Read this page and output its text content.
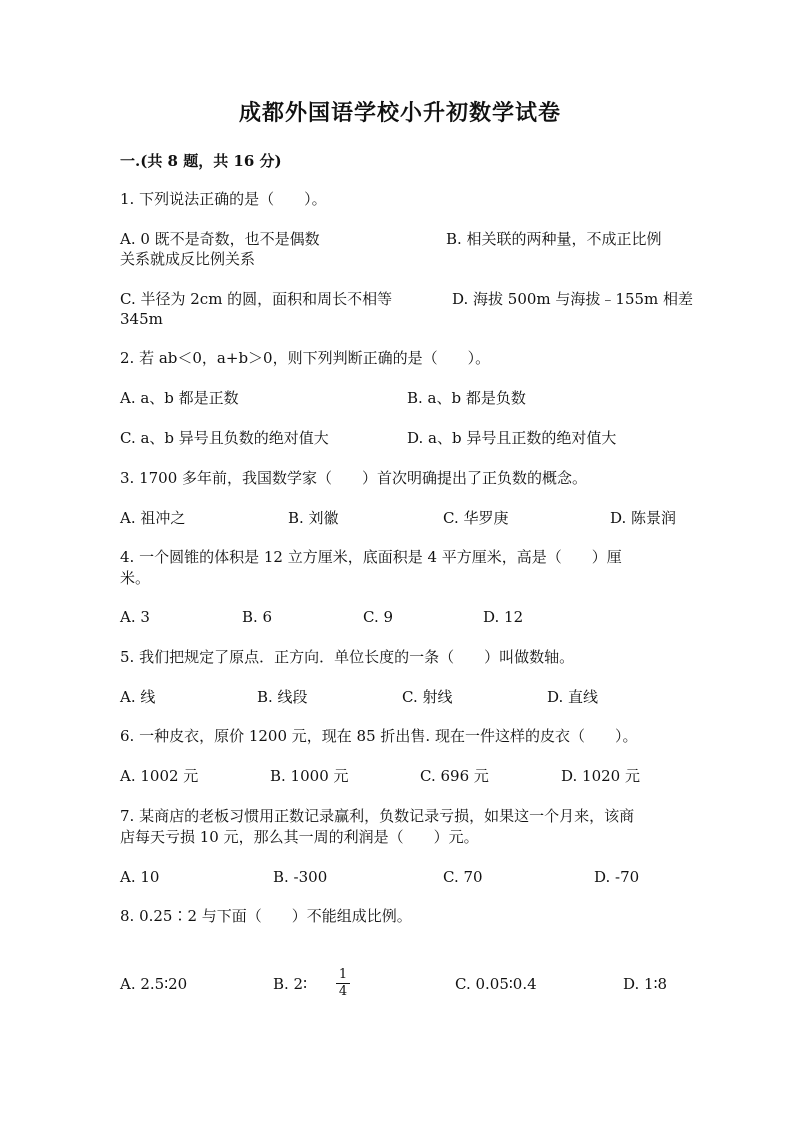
成都外国语学校小升初数学试卷
一.(共 8 题，共 16 分)
1. 下列说法正确的是（　　）。
A. 0 既不是奇数，也不是偶数	B. 相关联的两种量，不成正比例
关系就成反比例关系
C. 半径为 2cm 的圆，面积和周长不相等	D. 海拔 500m 与海拔﹣155m 相差
345m
2. 若 ab＜0，a+b＞0，则下列判断正确的是（　　）。
A. a、b 都是正数	B. a、b 都是负数
C. a、b 异号且负数的绝对值大	D. a、b 异号且正数的绝对值大
3. 1700 多年前，我国数学家（　　）首次明确提出了正负数的概念。
A. 祖冲之	B. 刘徽	C. 华罗庚	D. 陈景润
4. 一个圆锥的体积是 12 立方厘米，底面积是 4 平方厘米，高是（　　）厘
米。
A. 3	B. 6	C. 9	D. 12
5. 我们把规定了原点．正方向．单位长度的一条（　　）叫做数轴。
A. 线	B. 线段	C. 射线	D. 直线
6. 一种皮衣，原价 1200 元，现在 85 折出售. 现在一件这样的皮衣（　　）。
A. 1002 元	B. 1000 元	C. 696 元	D. 1020 元
7. 某商店的老板习惯用正数记录赢利，负数记录亏损，如果这一个月来，该商
店每天亏损 10 元，那么其一周的利润是（　　）元。
A. 10	B. -300	C. 70	D. -70
8. 0.25∶2 与下面（　　）不能组成比例。
A. 2.5∶20	B. 2∶
1
4	C. 0.05∶0.4	D. 1∶8
